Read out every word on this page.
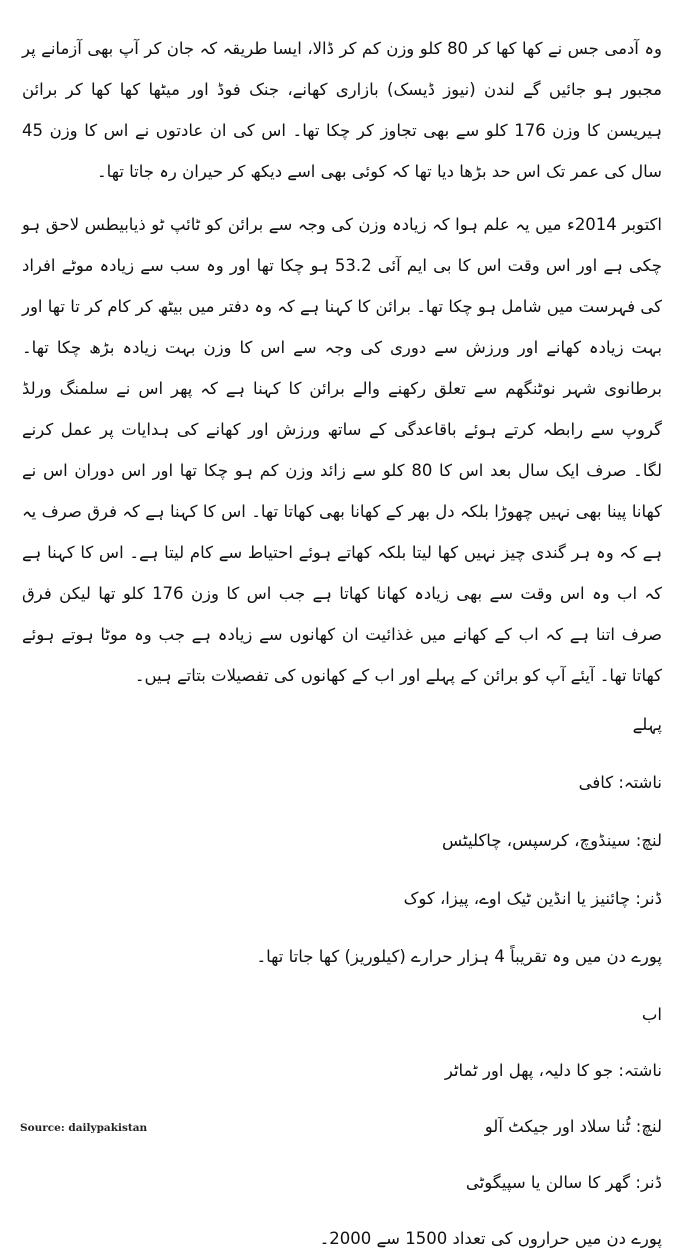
وہ آدمی جس نے کھا کھا کر 80 کلو وزن کم کر ڈالا، ایسا طریقہ کہ جان کر آپ بھی آزمانے پر مجبور ہو جائیں گے لندن (نیوز ڈیسک) بازاری کھانے، جنک فوڈ اور میٹھا کھا کھا کر برائن ہیریسن کا وزن 176 کلو سے بھی تجاوز کر چکا تھا۔ اس کی ان عادتوں نے اس کا وزن 45 سال کی عمر تک اس حد بڑھا دیا تھا کہ کوئی بھی اسے دیکھ کر حیران رہ جاتا تھا۔

اکتوبر 2014ء میں یہ علم ہوا کہ زیادہ وزن کی وجہ سے برائن کو ٹائپ ٹو ذیابیطس لاحق ہو چکی ہے اور اس وقت اس کا بی ایم آئی 53.2 ہو چکا تھا اور وہ سب سے زیادہ موٹے افراد کی فہرست میں شامل ہو چکا تھا۔ برائن کا کہنا ہے کہ وہ دفتر میں بیٹھ کر کام کر تا تھا اور بہت زیادہ کھانے اور ورزش سے دوری کی وجہ سے اس کا وزن بہت زیادہ بڑھ چکا تھا۔ برطانوی شہر نوٹنگھم سے تعلق رکھنے والے برائن کا کہنا ہے کہ پھر اس نے سلمنگ ورلڈ گروپ سے رابطہ کرتے ہوئے باقاعدگی کے ساتھ ورزش اور کھانے کی ہدایات پر عمل کرنے لگا۔ صرف ایک سال بعد اس کا 80 کلو سے زائد وزن کم ہو چکا تھا اور اس دوران اس نے کھانا پینا بھی نہیں چھوڑا بلکہ دل بھر کے کھانا بھی کھاتا تھا۔ اس کا کہنا ہے کہ فرق صرف یہ ہے کہ وہ ہر گندی چیز نہیں کھا لیتا بلکہ کھاتے ہوئے احتیاط سے کام لیتا ہے۔ اس کا کہنا ہے کہ اب وہ اس وقت سے بھی زیادہ کھانا کھاتا ہے جب اس کا وزن 176 کلو تھا لیکن فرق صرف اتنا ہے کہ اب کے کھانے میں غذائیت ان کھانوں سے زیادہ ہے جب وہ موٹا ہوتے ہوئے کھاتا تھا۔ آیئے آپ کو برائن کے پہلے اور اب کے کھانوں کی تفصیلات بتاتے ہیں۔

پہلے

ناشتہ: کافی

لنچ: سینڈوچ، کرسپس، چاکلیٹس

ڈنر: چائنیز یا انڈین ٹیک اوے، پیزا، کوک

پورے دن میں وہ تقریباً 4 ہزار حرارے (کیلوریز) کھا جاتا تھا۔

اب

ناشتہ: جو کا دلیہ، پھل اور ٹماٹر

لنچ: ٹُنا سلاد اور جیکٹ آلو

ڈنر: گھر کا سالن یا سپیگوٹی

پورے دن میں حراروں کی تعداد 1500 سے 2000۔

Source: dailypakistan
